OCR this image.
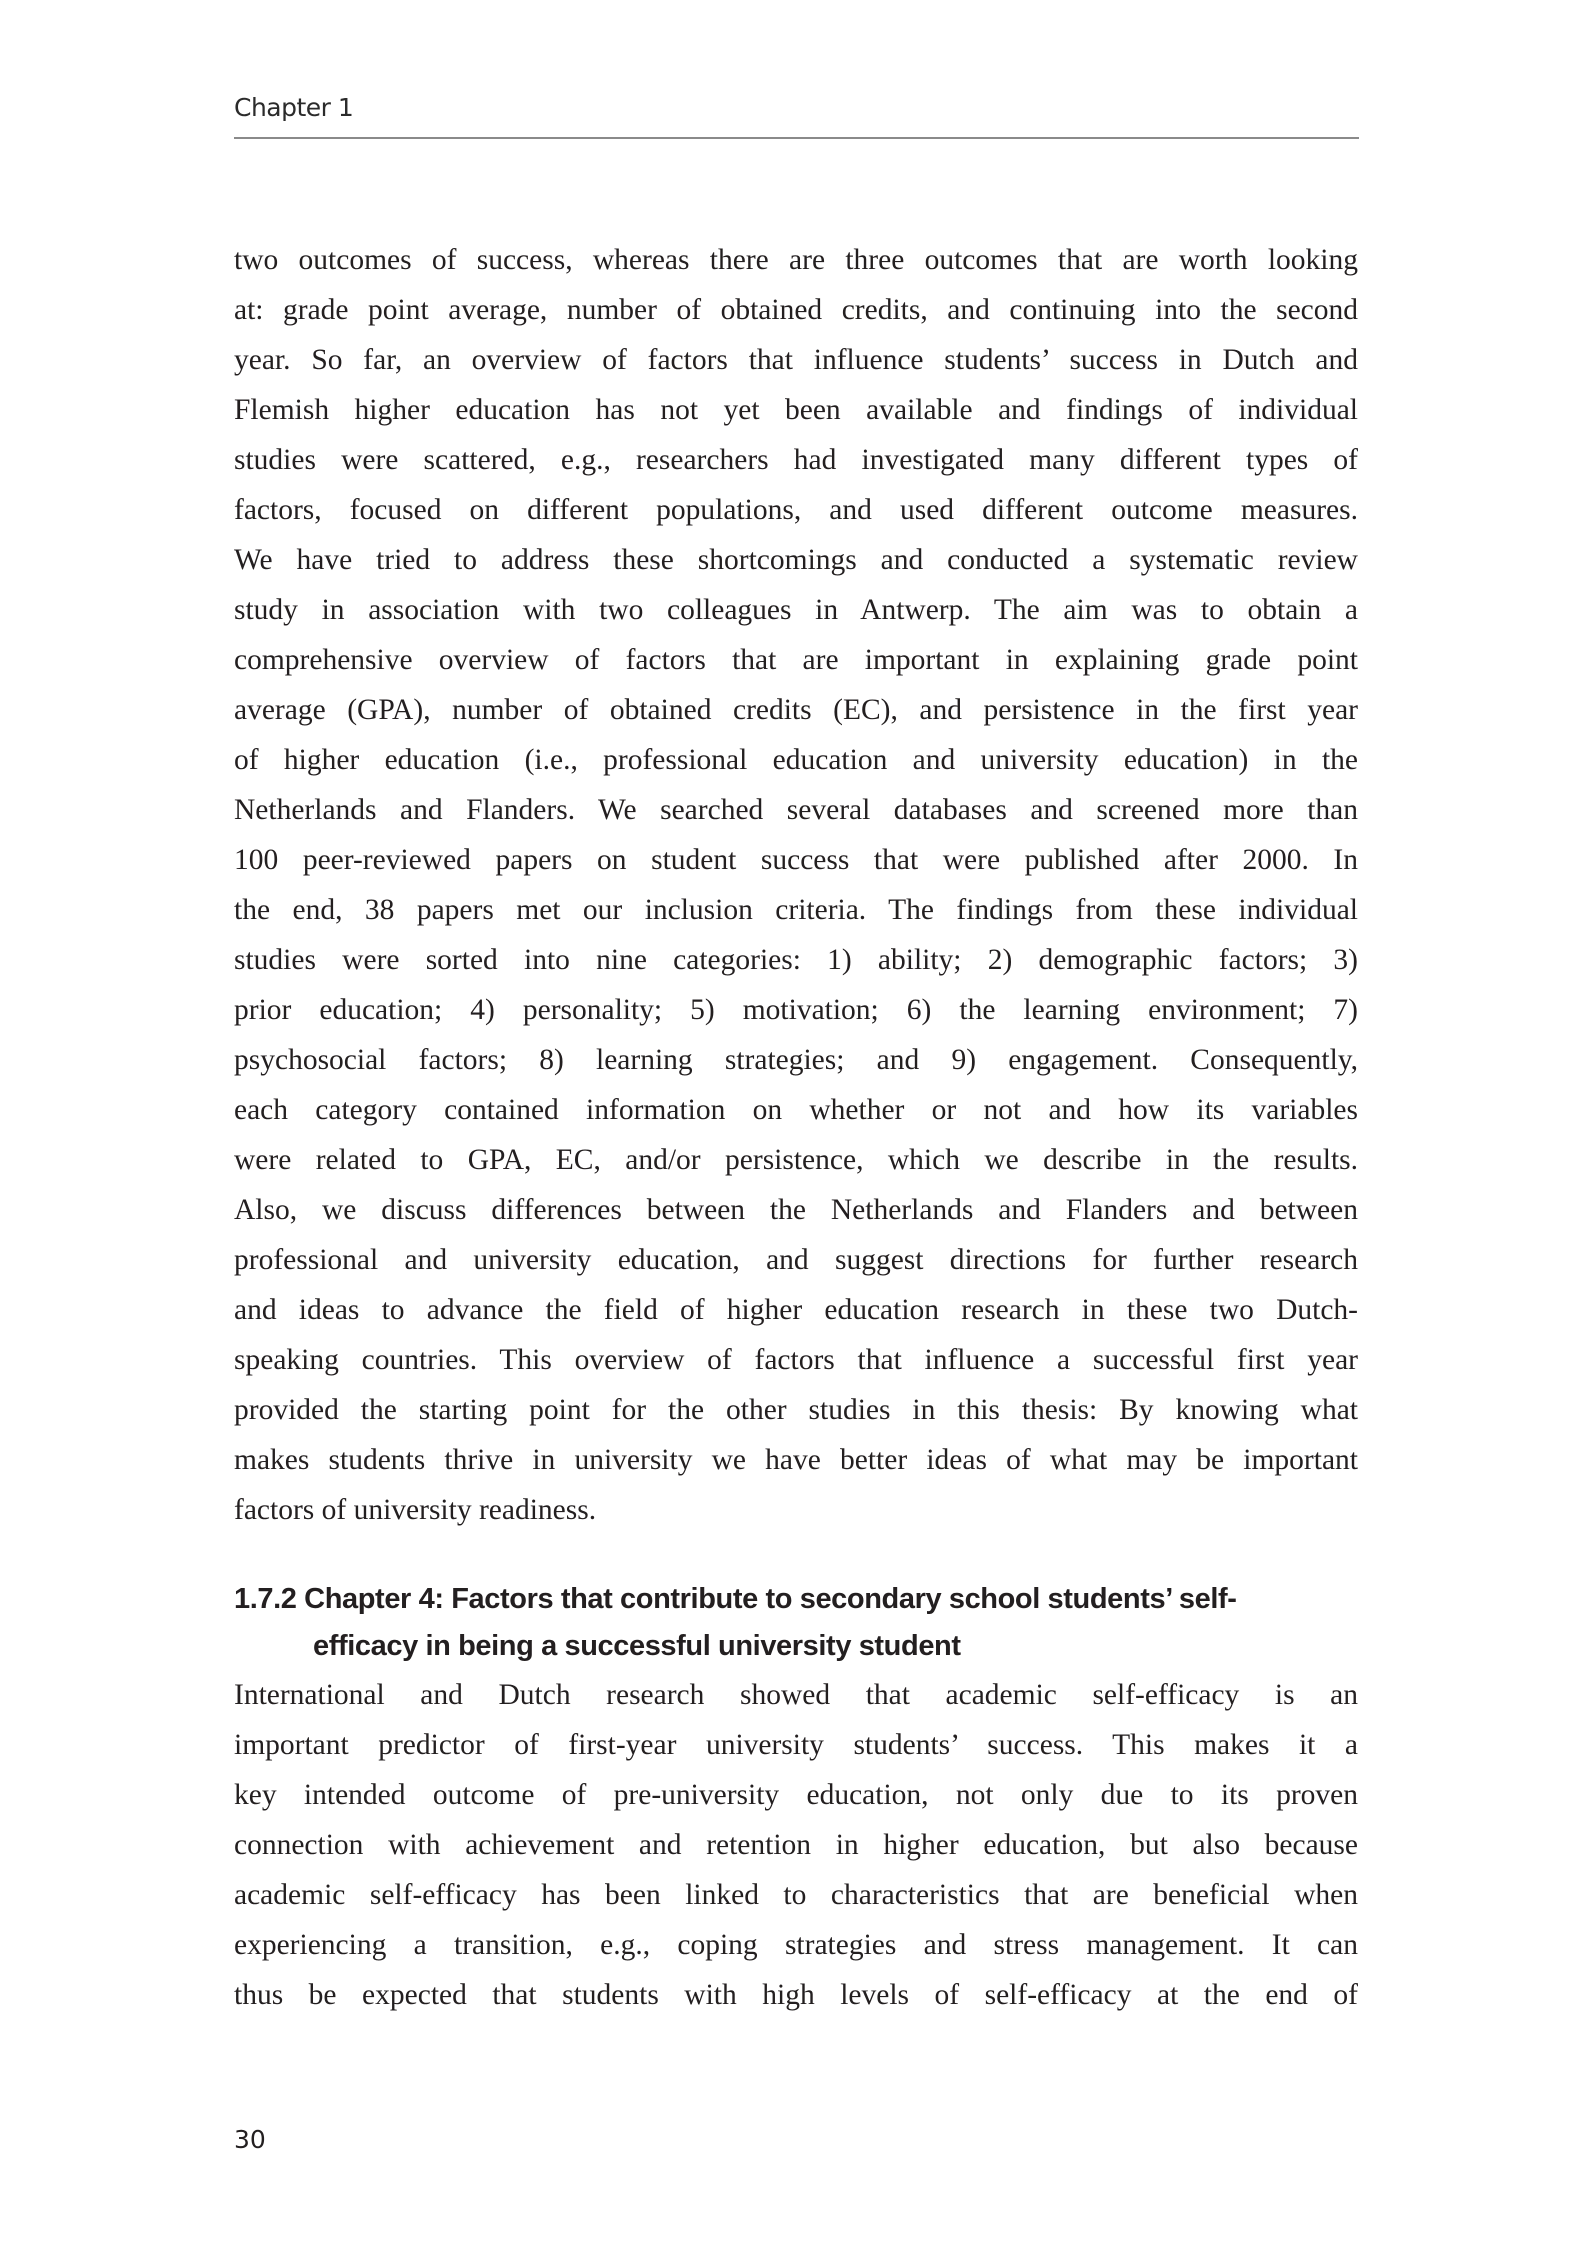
Chapter 1
two outcomes of success, whereas there are three outcomes that are worth looking
at: grade point average, number of obtained credits, and continuing into the second
year. So far, an overview of factors that influence students’ success in Dutch and
Flemish higher education has not yet been available and findings of individual
studies were scattered, e.g., researchers had investigated many different types of
factors, focused on different populations, and used different outcome measures.
We have tried to address these shortcomings and conducted a systematic review
study in association with two colleagues in Antwerp. The aim was to obtain a
comprehensive overview of factors that are important in explaining grade point
average (GPA), number of obtained credits (EC), and persistence in the first year
of higher education (i.e., professional education and university education) in the
Netherlands and Flanders. We searched several databases and screened more than
100 peer-reviewed papers on student success that were published after 2000. In
the end, 38 papers met our inclusion criteria. The findings from these individual
studies were sorted into nine categories: 1) ability; 2) demographic factors; 3)
prior education; 4) personality; 5) motivation; 6) the learning environment; 7)
psychosocial factors; 8) learning strategies; and 9) engagement. Consequently,
each category contained information on whether or not and how its variables
were related to GPA, EC, and/or persistence, which we describe in the results.
Also, we discuss differences between the Netherlands and Flanders and between
professional and university education, and suggest directions for further research
and ideas to advance the field of higher education research in these two Dutch-
speaking countries. This overview of factors that influence a successful first year
provided the starting point for the other studies in this thesis: By knowing what
makes students thrive in university we have better ideas of what may be important
factors of university readiness.
1.7.2 Chapter 4: Factors that contribute to secondary school students’ self-
efficacy in being a successful university student
International and Dutch research showed that academic self-efficacy is an
important predictor of first-year university students’ success. This makes it a
key intended outcome of pre-university education, not only due to its proven
connection with achievement and retention in higher education, but also because
academic self-efficacy has been linked to characteristics that are beneficial when
experiencing a transition, e.g., coping strategies and stress management. It can
thus be expected that students with high levels of self-efficacy at the end of
30
